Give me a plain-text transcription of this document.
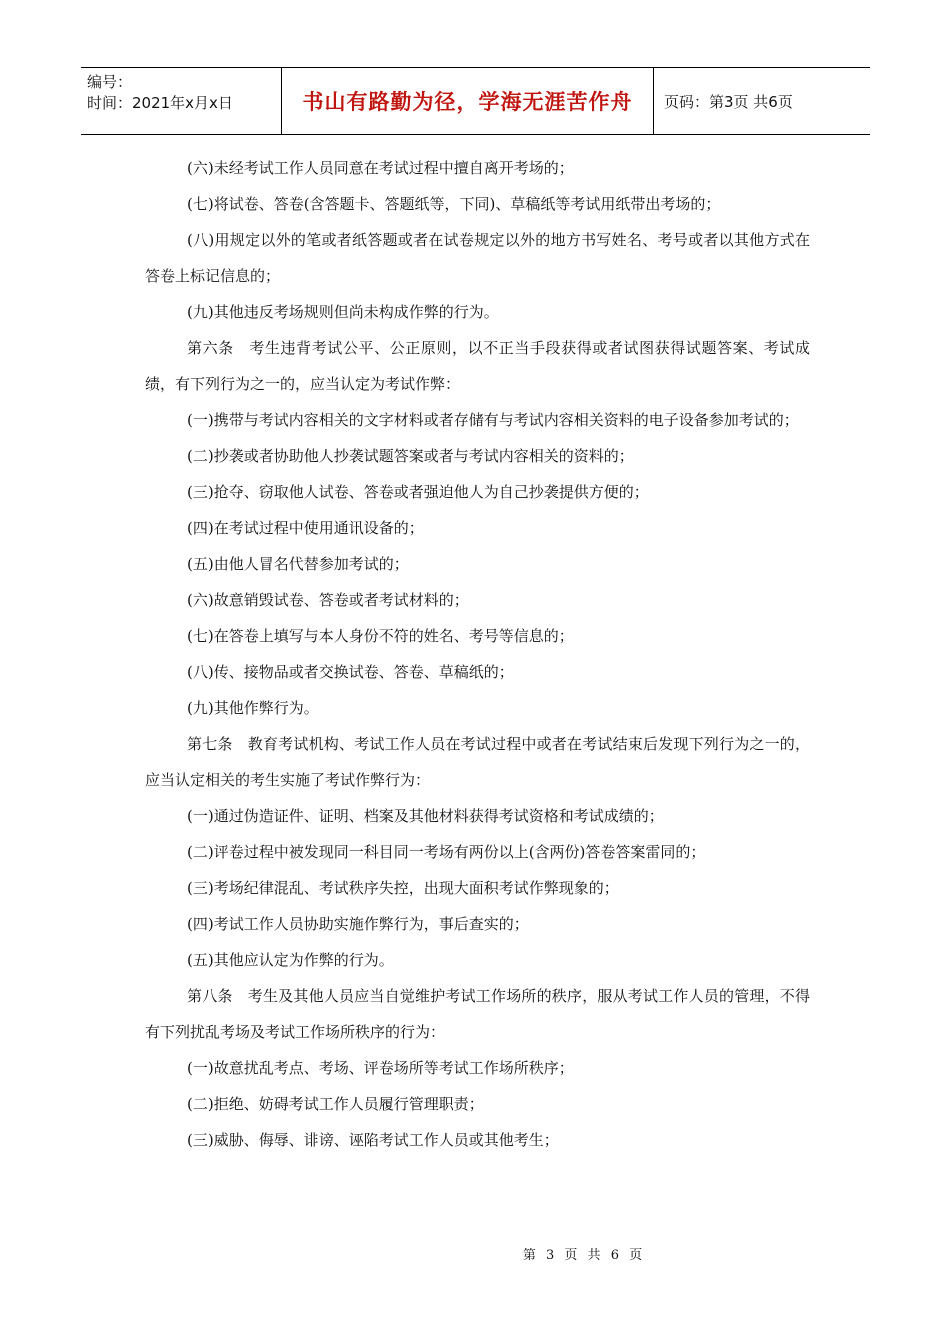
编号：
时间：2021年x月x日	书山有路勤为径，学海无涯苦作舟	页码：第3页 共6页

(六)未经考试工作人员同意在考试过程中擅自离开考场的；

(七)将试卷、答卷(含答题卡、答题纸等，下同)、草稿纸等考试用纸带出考场的；

(八)用规定以外的笔或者纸答题或者在试卷规定以外的地方书写姓名、考号或者以其他方式在答卷上标记信息的；

(九)其他违反考场规则但尚未构成作弊的行为。

第六条　考生违背考试公平、公正原则，以不正当手段获得或者试图获得试题答案、考试成绩，有下列行为之一的，应当认定为考试作弊：

(一)携带与考试内容相关的文字材料或者存储有与考试内容相关资料的电子设备参加考试的；

(二)抄袭或者协助他人抄袭试题答案或者与考试内容相关的资料的；

(三)抢夺、窃取他人试卷、答卷或者强迫他人为自己抄袭提供方便的；

(四)在考试过程中使用通讯设备的；

(五)由他人冒名代替参加考试的；

(六)故意销毁试卷、答卷或者考试材料的；

(七)在答卷上填写与本人身份不符的姓名、考号等信息的；

(八)传、接物品或者交换试卷、答卷、草稿纸的；

(九)其他作弊行为。

第七条　教育考试机构、考试工作人员在考试过程中或者在考试结束后发现下列行为之一的，应当认定相关的考生实施了考试作弊行为：

(一)通过伪造证件、证明、档案及其他材料获得考试资格和考试成绩的；

(二)评卷过程中被发现同一科目同一考场有两份以上(含两份)答卷答案雷同的；

(三)考场纪律混乱、考试秩序失控，出现大面积考试作弊现象的；

(四)考试工作人员协助实施作弊行为，事后查实的；

(五)其他应认定为作弊的行为。

第八条　考生及其他人员应当自觉维护考试工作场所的秩序，服从考试工作人员的管理，不得有下列扰乱考场及考试工作场所秩序的行为：

(一)故意扰乱考点、考场、评卷场所等考试工作场所秩序；

(二)拒绝、妨碍考试工作人员履行管理职责；

(三)威胁、侮辱、诽谤、诬陷考试工作人员或其他考生；

第 3 页 共 6 页
